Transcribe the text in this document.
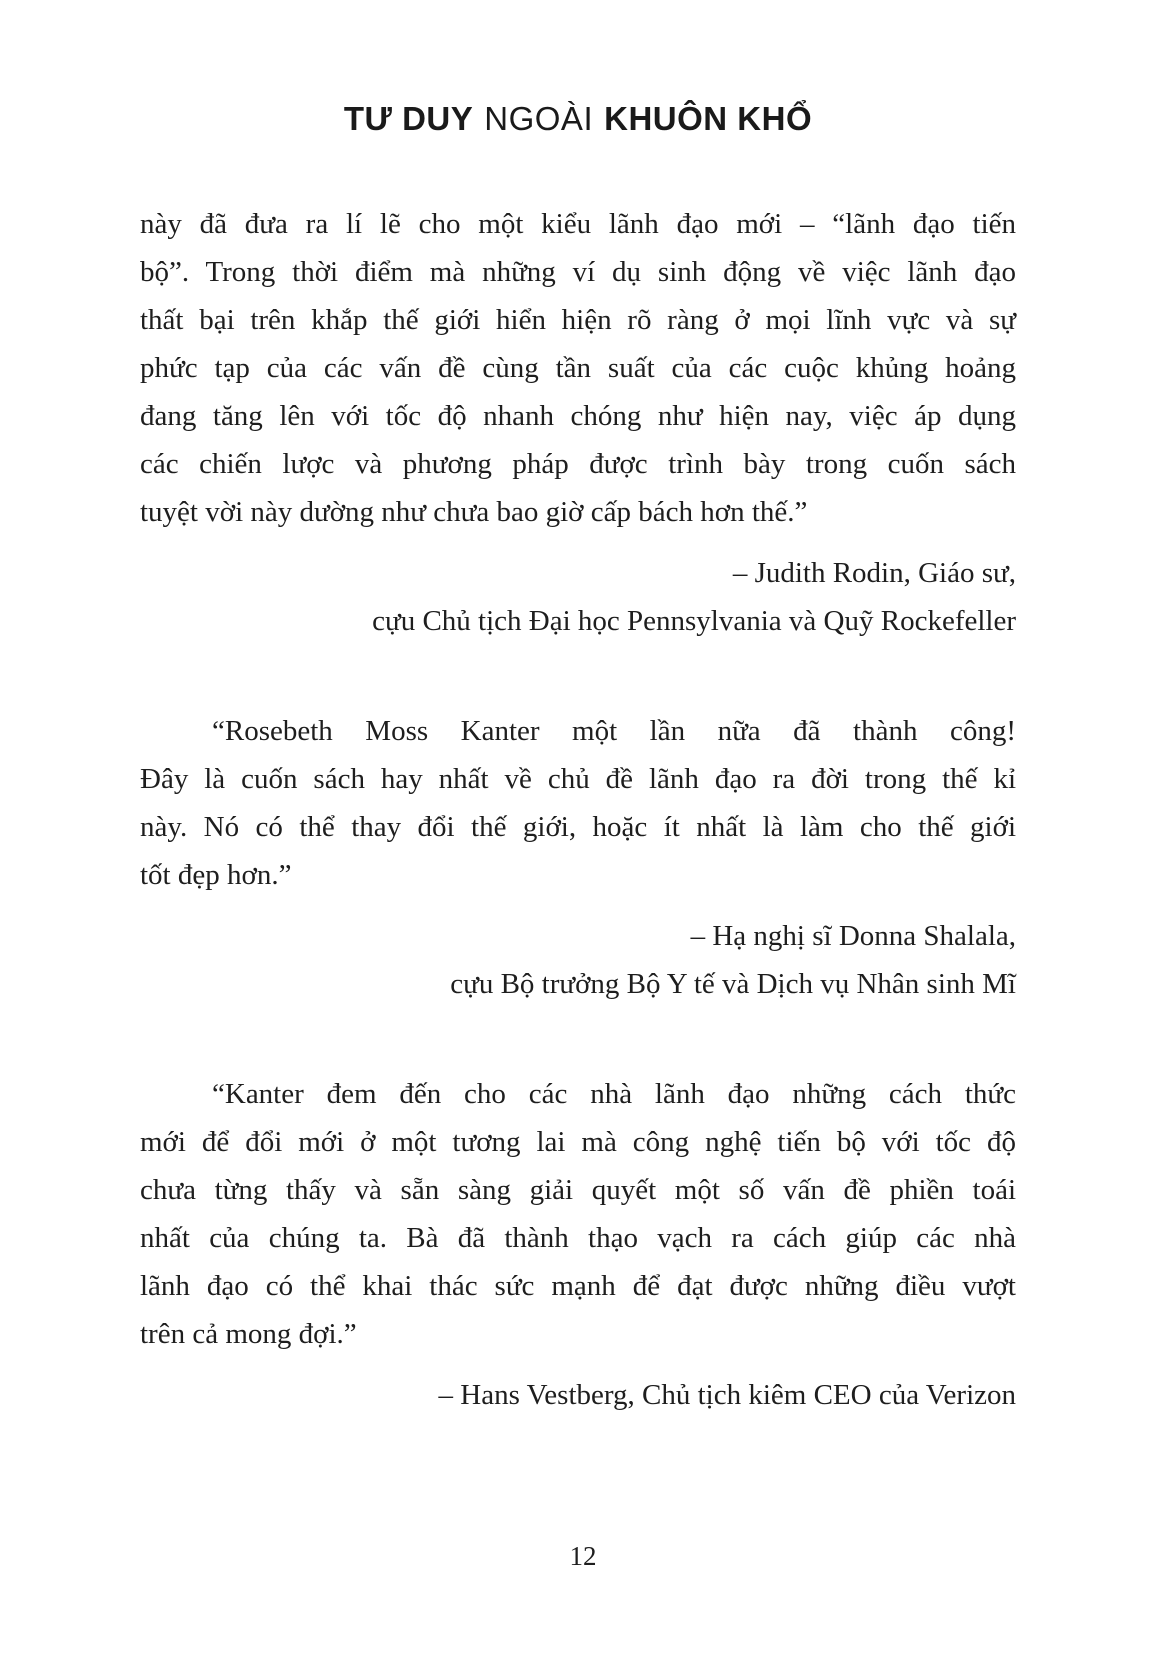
TƯ DUY NGOÀI KHUÔN KHỔ
này đã đưa ra lí lẽ cho một kiểu lãnh đạo mới – “lãnh đạo tiến
bộ”. Trong thời điểm mà những ví dụ sinh động về việc lãnh đạo
thất bại trên khắp thế giới hiển hiện rõ ràng ở mọi lĩnh vực và sự
phức tạp của các vấn đề cùng tần suất của các cuộc khủng hoảng
đang tăng lên với tốc độ nhanh chóng như hiện nay, việc áp dụng
các chiến lược và phương pháp được trình bày trong cuốn sách
tuyệt vời này dường như chưa bao giờ cấp bách hơn thế.”
– Judith Rodin, Giáo sư,
cựu Chủ tịch Đại học Pennsylvania và Quỹ Rockefeller
“Rosebeth Moss Kanter một lần nữa đã thành công!
Đây là cuốn sách hay nhất về chủ đề lãnh đạo ra đời trong thế kỉ
này. Nó có thể thay đổi thế giới, hoặc ít nhất là làm cho thế giới
tốt đẹp hơn.”
– Hạ nghị sĩ Donna Shalala,
cựu Bộ trưởng Bộ Y tế và Dịch vụ Nhân sinh Mĩ
“Kanter đem đến cho các nhà lãnh đạo những cách thức
mới để đổi mới ở một tương lai mà công nghệ tiến bộ với tốc độ
chưa từng thấy và sẵn sàng giải quyết một số vấn đề phiền toái
nhất của chúng ta. Bà đã thành thạo vạch ra cách giúp các nhà
lãnh đạo có thể khai thác sức mạnh để đạt được những điều vượt
trên cả mong đợi.”
– Hans Vestberg, Chủ tịch kiêm CEO của Verizon
12
